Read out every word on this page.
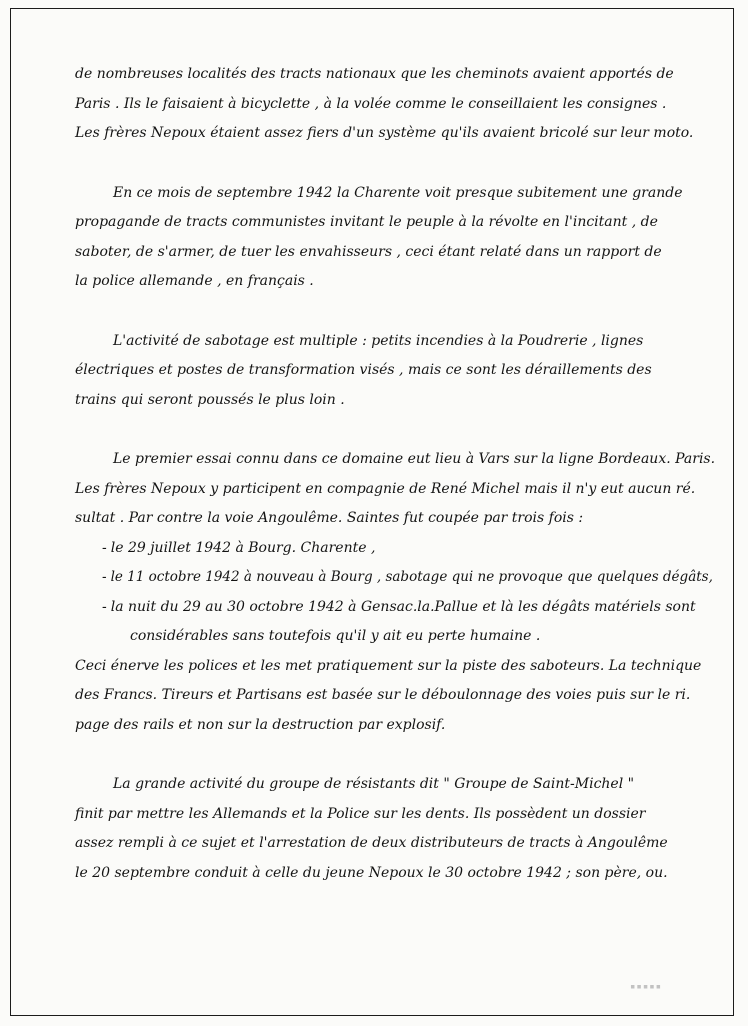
de nombreuses localités des tracts nationaux que les cheminots avaient apportés de
Paris . Ils le faisaient à bicyclette , à la volée comme le conseillaient les consignes .
Les frères Nepoux étaient assez fiers d'un système qu'ils avaient bricolé sur leur moto.
En ce mois de septembre 1942 la Charente voit presque subitement une grande
propagande de tracts communistes invitant le peuple à la révolte en l'incitant , de
saboter, de s'armer, de tuer les envahisseurs , ceci étant relaté dans un rapport de
la police allemande , en français .
L'activité de sabotage est multiple : petits incendies à la Poudrerie , lignes
électriques et postes de transformation visés , mais ce sont les déraillements des
trains qui seront poussés le plus loin .
Le premier essai connu dans ce domaine eut lieu à Vars sur la ligne Bordeaux. Paris.
Les frères Nepoux y participent en compagnie de René Michel mais il n'y eut aucun ré.
sultat . Par contre la voie Angoulême. Saintes fut coupée par trois fois :
- le 29 juillet 1942 à Bourg. Charente ,
- le 11 octobre 1942 à nouveau à Bourg , sabotage qui ne provoque que quelques dégâts,
- la nuit du 29 au 30 octobre 1942 à Gensac.la.Pallue et là les dégâts matériels sont
considérables sans toutefois qu'il y ait eu perte humaine .
Ceci énerve les polices et les met pratiquement sur la piste des saboteurs. La technique
des Francs. Tireurs et Partisans est basée sur le déboulonnage des voies puis sur le ri.
page des rails et non sur la destruction par explosif.
La grande activité du groupe de résistants dit " Groupe de Saint-Michel "
finit par mettre les Allemands et la Police sur les dents. Ils possèdent un dossier
assez rempli à ce sujet et l'arrestation de deux distributeurs de tracts à Angoulême
le 20 septembre conduit à celle du jeune Nepoux le 30 octobre 1942 ; son père, ou.
▪▪▪▪▪
